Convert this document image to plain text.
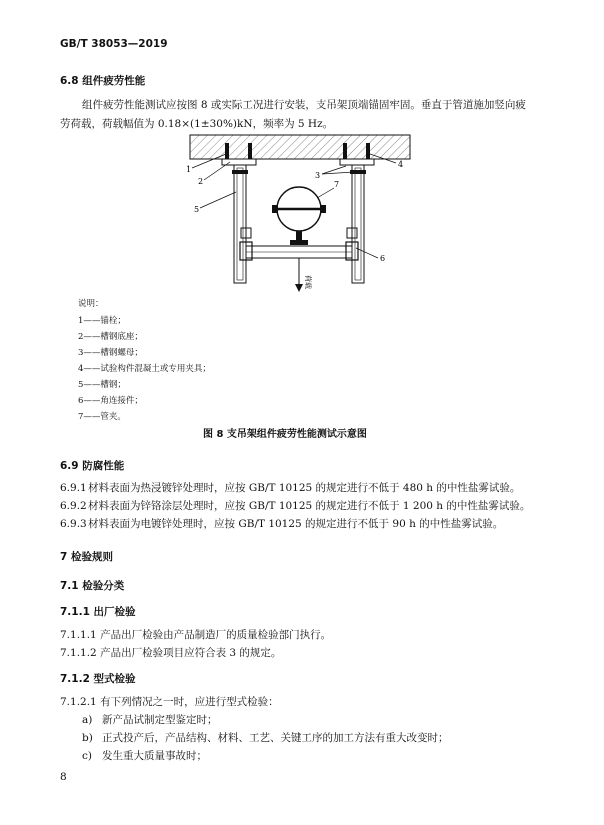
GB/T 38053—2019
6.8 组件疲劳性能
组件疲劳性能测试应按图 8 或实际工况进行安装，支吊架顶端锚固牢固。垂直于管道施加竖向疲
劳荷载，荷载幅值为 0.18×(1±30%)kN，频率为 5 Hz。
荷载
1
2
3
4
5
6
7
说明：
1——锚栓；
2——槽钢底座；
3——槽钢螺母；
4——试验构件混凝土或专用夹具；
5——槽钢；
6——角连接件；
7——管夹。
图 8 支吊架组件疲劳性能测试示意图
6.9 防腐性能
6.9.1材料表面为热浸镀锌处理时，应按 GB/T 10125 的规定进行不低于 480 h 的中性盐雾试验。
6.9.2材料表面为锌铬涂层处理时，应按 GB/T 10125 的规定进行不低于 1 200 h 的中性盐雾试验。
6.9.3材料表面为电镀锌处理时，应按 GB/T 10125 的规定进行不低于 90 h 的中性盐雾试验。
7 检验规则
7.1 检验分类
7.1.1 出厂检验
7.1.1.1 产品出厂检验由产品制造厂的质量检验部门执行。
7.1.1.2 产品出厂检验项目应符合表 3 的规定。
7.1.2 型式检验
7.1.2.1 有下列情况之一时，应进行型式检验：
a) 新产品试制定型鉴定时；
b) 正式投产后，产品结构、材料、工艺、关键工序的加工方法有重大改变时；
c) 发生重大质量事故时；
8
